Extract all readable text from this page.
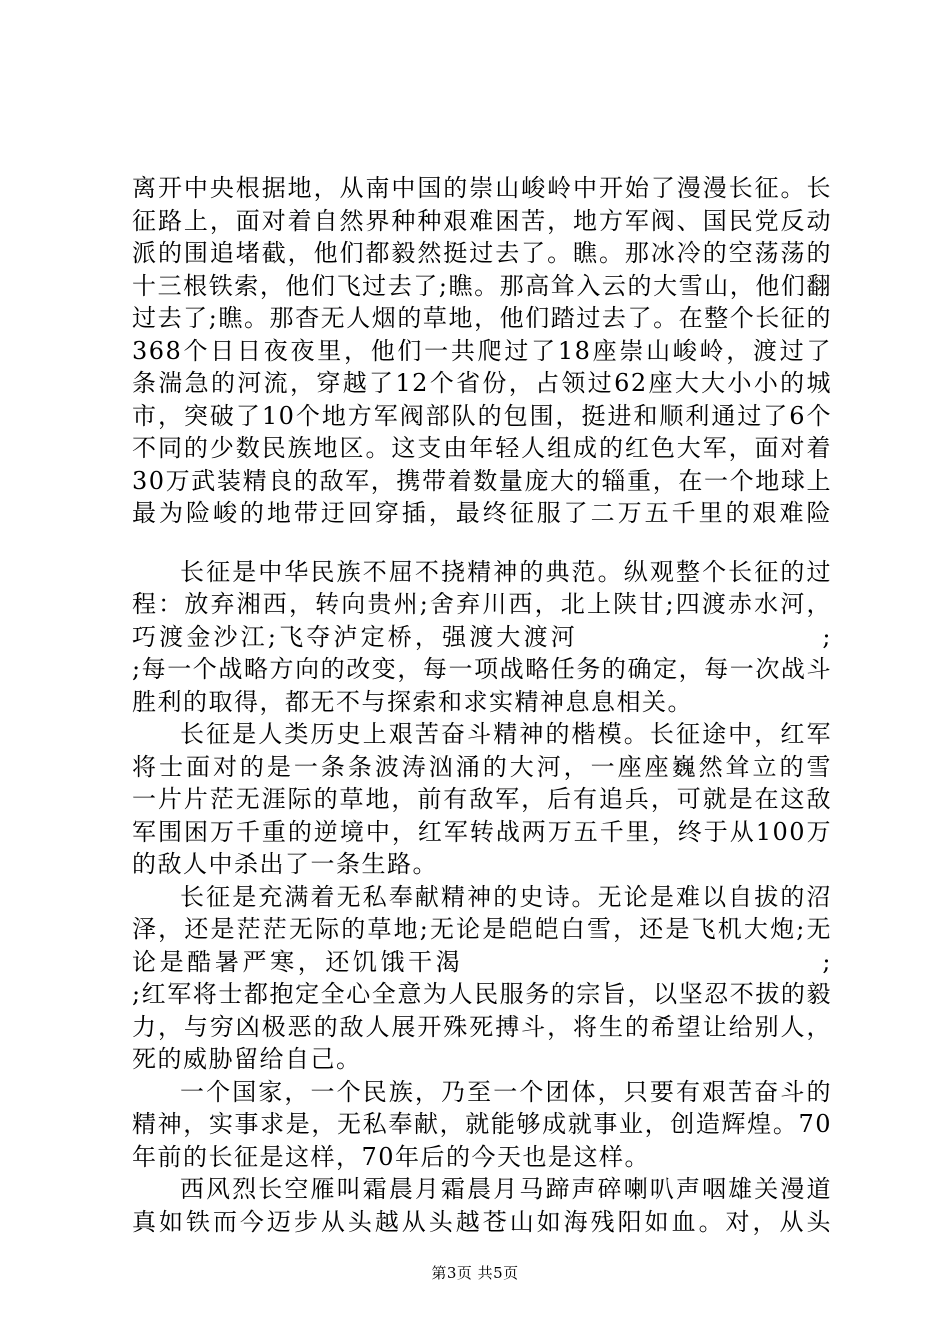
离开中央根据地，从南中国的崇山峻岭中开始了漫漫长征。长
征路上，面对着自然界种种艰难困苦，地方军阀、国民党反动
派的围追堵截，他们都毅然挺过去了。瞧。那冰冷的空荡荡的
十三根铁索，他们飞过去了;瞧。那高耸入云的大雪山，他们翻
过去了;瞧。那杳无人烟的草地，他们踏过去了。在整个长征的
368个日日夜夜里，他们一共爬过了18座崇山峻岭，渡过了
条湍急的河流，穿越了12个省份，占领过62座大大小小的城
市，突破了10个地方军阀部队的包围，挺进和顺利通过了6个
不同的少数民族地区。这支由年轻人组成的红色大军，面对着
30万武装精良的敌军，携带着数量庞大的辎重，在一个地球上
最为险峻的地带迂回穿插，最终征服了二万五千里的艰难险
长征是中华民族不屈不挠精神的典范。纵观整个长征的过
程：放弃湘西，转向贵州;舍弃川西，北上陕甘;四渡赤水河，
巧渡金沙江;飞夺泸定桥，强渡大渡河　　　　　　　　　;
;每一个战略方向的改变，每一项战略任务的确定，每一次战斗
胜利的取得，都无不与探索和求实精神息息相关。
长征是人类历史上艰苦奋斗精神的楷模。长征途中，红军
将士面对的是一条条波涛汹涌的大河，一座座巍然耸立的雪
一片片茫无涯际的草地，前有敌军，后有追兵，可就是在这敌
军围困万千重的逆境中，红军转战两万五千里，终于从100万
的敌人中杀出了一条生路。
长征是充满着无私奉献精神的史诗。无论是难以自拔的沼
泽，还是茫茫无际的草地;无论是皑皑白雪，还是飞机大炮;无
论是酷暑严寒，还饥饿干渴　　　　　　　　　　　　　;
;红军将士都抱定全心全意为人民服务的宗旨，以坚忍不拔的毅
力，与穷凶极恶的敌人展开殊死搏斗，将生的希望让给别人，
死的威胁留给自己。
一个国家，一个民族，乃至一个团体，只要有艰苦奋斗的
精神，实事求是，无私奉献，就能够成就事业，创造辉煌。70
年前的长征是这样，70年后的今天也是这样。
西风烈长空雁叫霜晨月霜晨月马蹄声碎喇叭声咽雄关漫道
真如铁而今迈步从头越从头越苍山如海残阳如血。对，从头
第3页 共5页
